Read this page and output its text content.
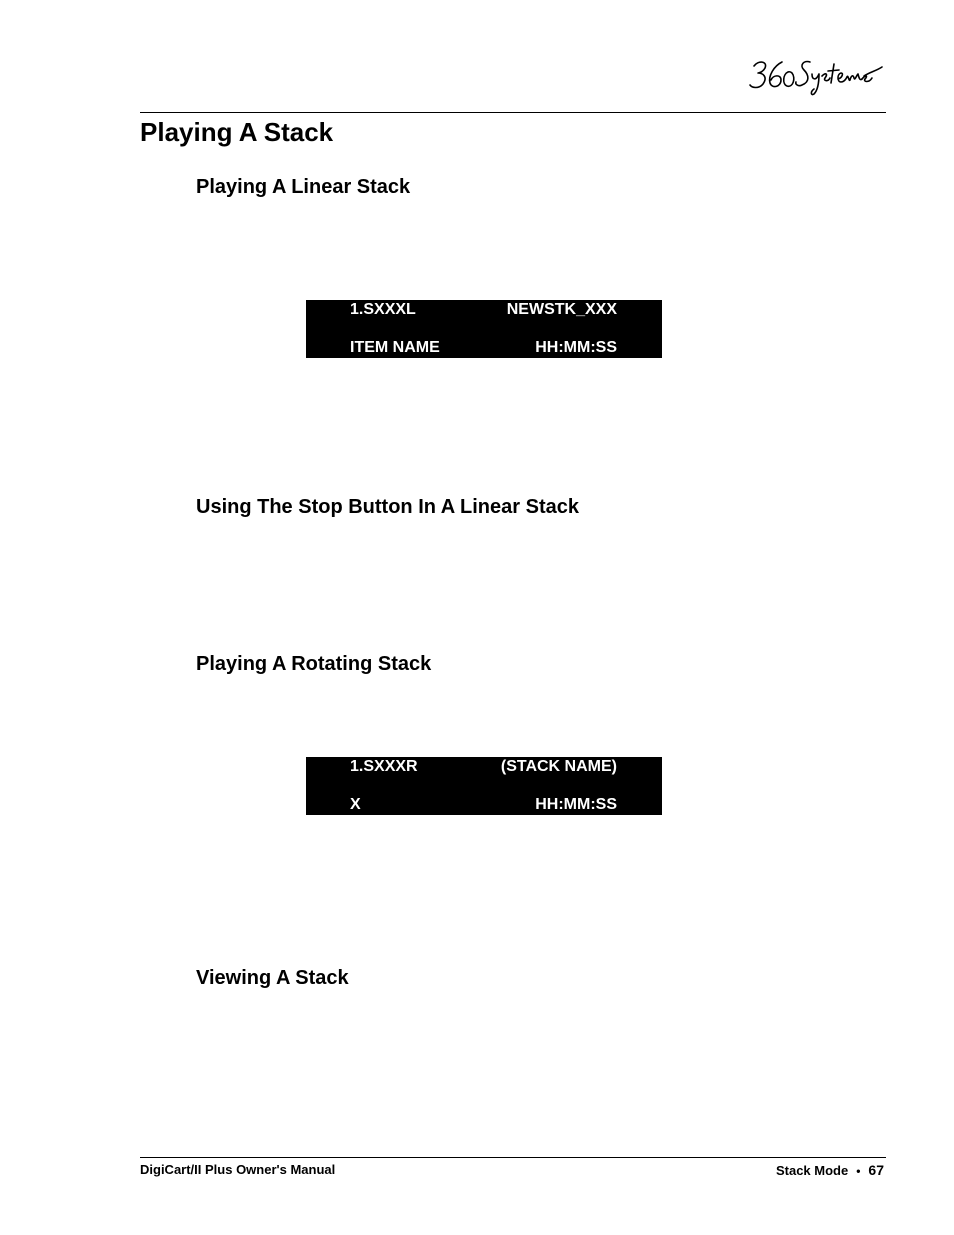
Playing A Stack
Playing A Linear Stack
1.SXXXL	NEWSTK_XXX
ITEM NAME	HH:MM:SS
Using The Stop Button In A Linear Stack
Playing A Rotating Stack
1.SXXXR	(STACK NAME)
X	HH:MM:SS
Viewing A Stack
DigiCart/II Plus Owner's Manual	Stack Mode • 67
